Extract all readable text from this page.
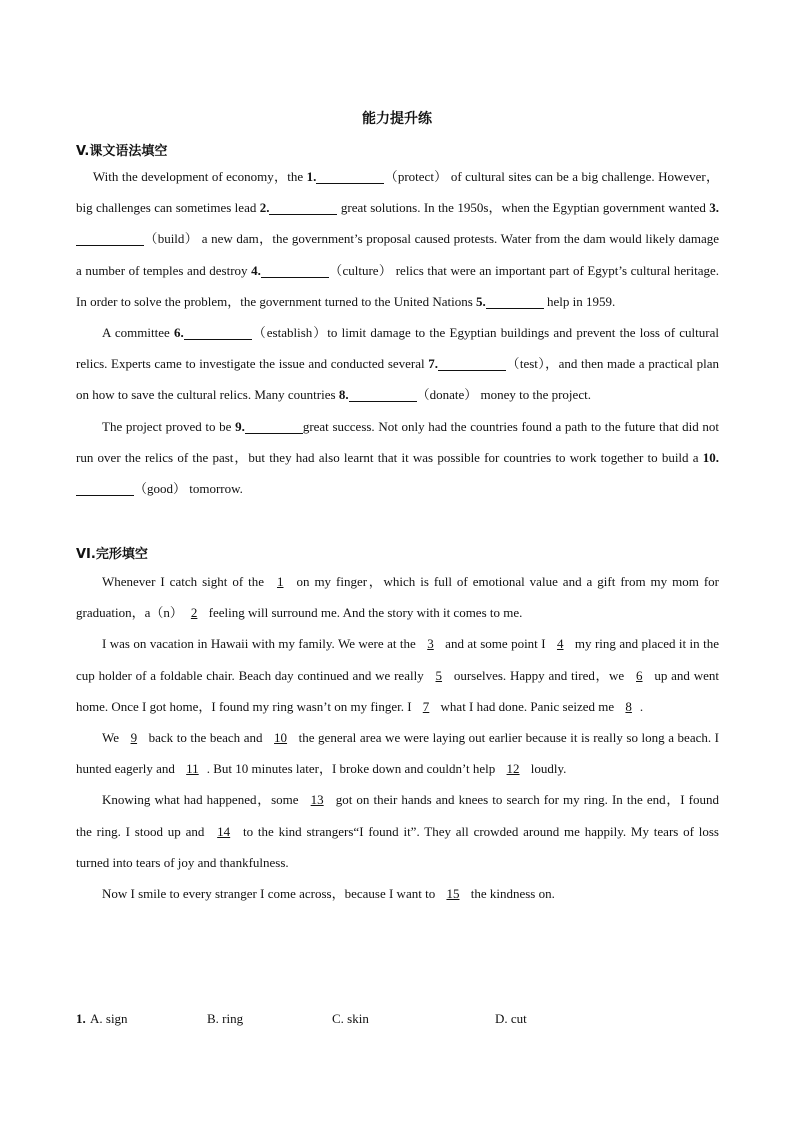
能力提升练
V.课文语法填空

With the development of economy，the 1.	（protect） of cultural sites can be a big challenge. However，big challenges can sometimes lead 2.	great solutions. In the 1950s，when the Egyptian government wanted 3.（build） a new dam，the government’s proposal caused protests. Water from the dam would likely damage a number of temples and destroy 4.	（culture） relics that were an important part of Egypt’s cultural heritage. In order to solve the problem，the government turned to the United Nations 5.	help in 1959.

A committee 6.	（establish）to limit damage to the Egyptian buildings and prevent the loss of cultural relics. Experts came to investigate the issue and conducted several 7.	（test），and then made a practical plan on how to save the cultural relics. Many countries 8.	（donate） money to the project.

The project proved to be 9.	great success. Not only had the countries found a path to the future that did not run over the relics of the past，but they had also learnt that it was possible for countries to work together to build a 10.（good） tomorrow.

VI.完形填空

Whenever I catch sight of the 1 on my finger，which is full of emotional value and a gift from my mom for graduation，a（n） 2 feeling will surround me. And the story with it comes to me.

I was on vacation in Hawaii with my family. We were at the 3 and at some point I 4 my ring and placed it in the cup holder of a foldable chair. Beach day continued and we really 5 ourselves. Happy and tired，we 6 up and went home. Once I got home，I found my ring wasn’t on my finger. I 7 what I had done. Panic seized me 8 .

We 9 back to the beach and 10 the general area we were laying out earlier because it is really so long a beach. I hunted eagerly and 11 . But 10 minutes later，I broke down and couldn’t help 12 loudly.

Knowing what had happened，some 13 got on their hands and knees to search for my ring. In the end，I found the ring. I stood up and 14 to the kind strangers“I found it”. They all crowded around me happily. My tears of loss turned into tears of joy and thankfulness.

Now I smile to every stranger I come across，because I want to 15 the kindness on.

1. A. sign	B. ring	C. skin	D. cut
